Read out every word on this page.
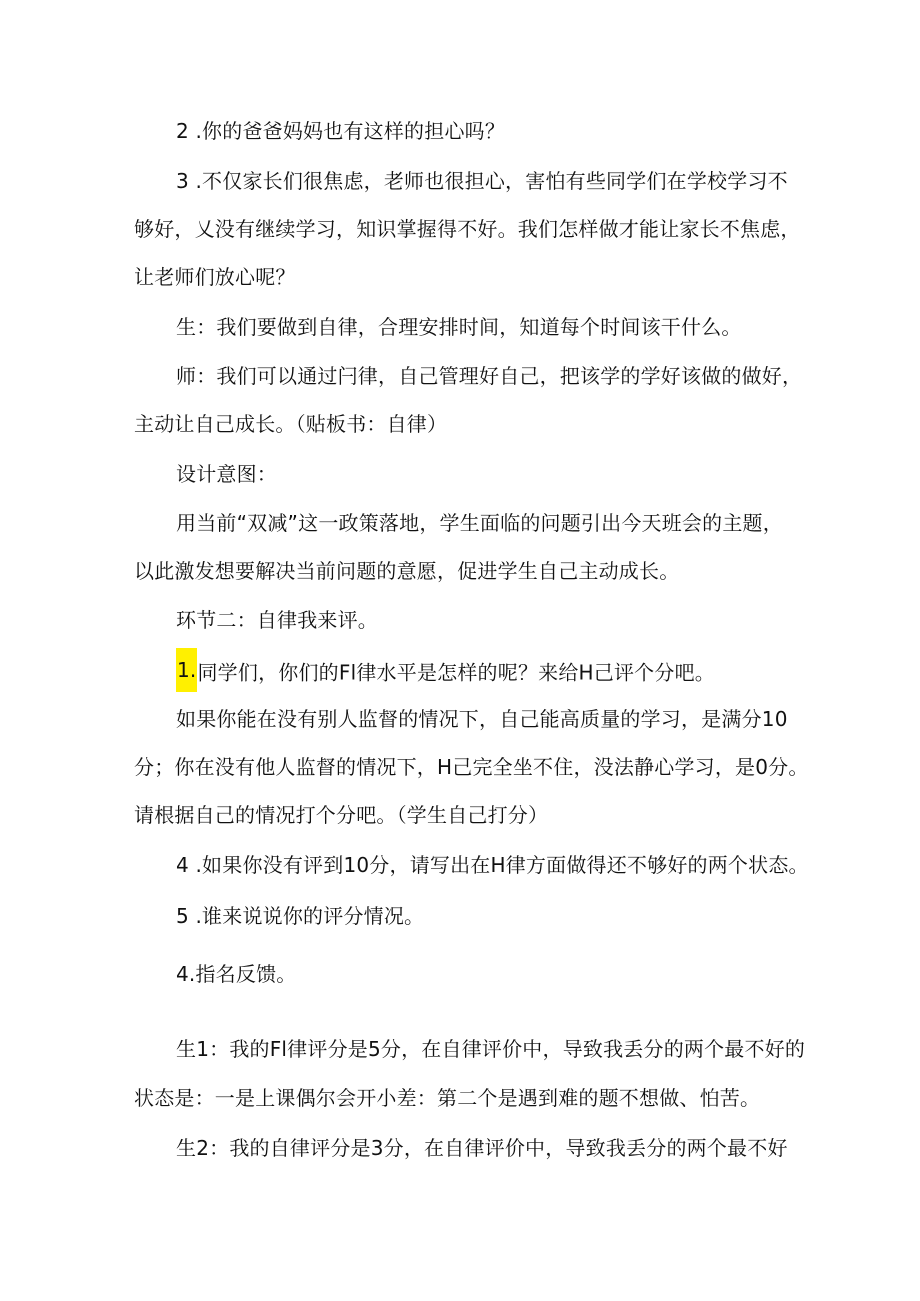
2 .你的爸爸妈妈也有这样的担心吗？
3 .不仅家长们很焦虑，老师也很担心，害怕有些同学们在学校学习不
够好，乂没有继续学习，知识掌握得不好。我们怎样做才能让家长不焦虑，
让老师们放心呢？
生：我们要做到自律，合理安排时间，知道每个时间该干什么。
师：我们可以通过闩律，自己管理好自己，把该学的学好该做的做好，
主动让自己成长。（贴板书：自律）
设计意图：
用当前“双减”这一政策落地，学生面临的问题引出今天班会的主题，
以此激发想要解决当前问题的意愿，促进学生自己主动成长。
环节二：自律我来评。
1.同学们，你们的Fl律水平是怎样的呢？来给H己评个分吧。
如果你能在没有别人监督的情况下，自己能高质量的学习，是满分10
分；你在没有他人监督的情况下，H己完全坐不住，没法静心学习，是0分。
请根据自己的情况打个分吧。（学生自己打分）
4 .如果你没有评到10分，请写出在H律方面做得还不够好的两个状态。
5 .谁来说说你的评分情况。
4.指名反馈。
生1：我的Fl律评分是5分，在自律评价中，导致我丢分的两个最不好的
状态是：一是上课偶尔会开小差：第二个是遇到难的题不想做、怕苦。
生2：我的自律评分是3分，在自律评价中，导致我丢分的两个最不好
